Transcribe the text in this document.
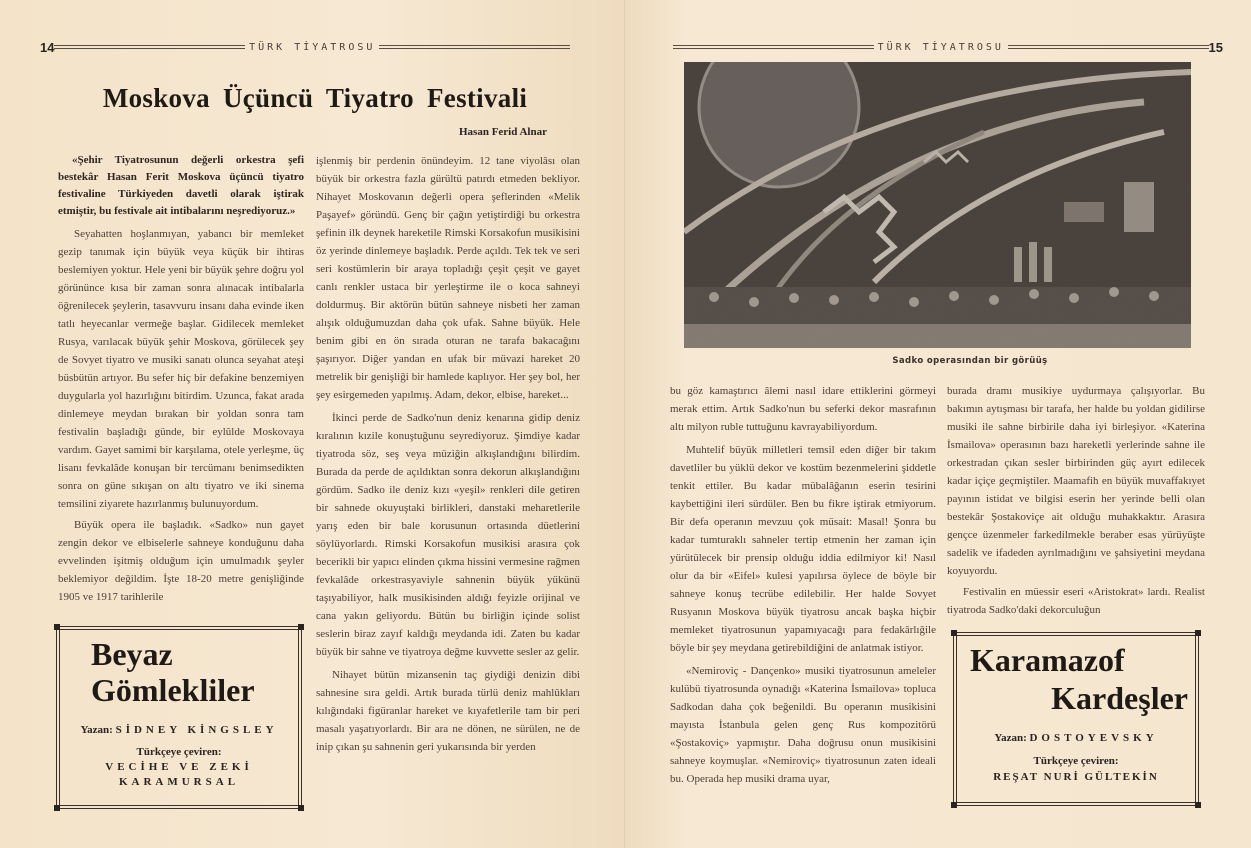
14	TÜRK TİYATROSU
Moskova Üçüncü Tiyatro Festivali
Hasan Ferid Alnar

«Şehir Tiyatrosunun değerli orkestra şefi bestekâr Hasan Ferit Moskova üçüncü tiyatro festivaline Türkiyeden davetli olarak iştirak etmiştir, bu festivale ait intibalarını neşrediyoruz.»

Seyahatten hoşlanmıyan, yabancı bir memleket gezip tanımak için büyük veya küçük bir ihtiras beslemiyen yoktur. Hele yeni bir büyük şehre doğru yol görününce kısa bir zaman sonra alınacak intibalarla öğrenilecek şeylerin, tasavvuru insanı daha evinde iken tatlı heyecanlar vermeğe başlar. Gidilecek memleket Rusya, varılacak büyük şehir Moskova, görülecek şey de Sovyet tiyatro ve musiki sanatı olunca seyahat ateşi büsbütün artıyor. Bu sefer hiç bir defakine benzemiyen duygularla yol hazırlığını bitirdim. Uzunca, fakat arada dinlemeye meydan bırakan bir yoldan sonra tam festivalin başladığı günde, bir eylûlde Moskovaya vardım. Gayet samimi bir karşılama, otele yerleşme, üç lisanı fevkalâde konuşan bir tercümanı benimsedikten sonra on güne sıkışan on altı tiyatro ve iki sinema temsilini ziyarete hazırlanmış bulunuyordum.

Büyük opera ile başladık. «Sadko» nun gayet zengin dekor ve elbiselerle sahneye konduğunu daha evvelinden işitmiş olduğum için umulmadık şeyler beklemiyor değildim. İşte 18-20 metre genişliğinde 1905 ve 1917 tarihlerile

Beyaz
Gömlekliler
Yazan: SİDNEY KİNGSLEY
Türkçeye çeviren:
VECİHE VE ZEKİ
KARAMURSAL

işlenmiş bir perdenin önündeyim. 12 tane viyolâsı olan büyük bir orkestra fazla gürültü patırdı etmeden bekliyor. Nihayet Moskovanın değerli opera şeflerinden «Melik Paşayef» göründü. Genç bir çağın yetiştirdiği bu orkestra şefinin ilk deynek hareketile Rimski Korsakofun musikisini öz yerinde dinlemeye başladık. Perde açıldı. Tek tek ve seri seri kostümlerin bir araya topladığı çeşit çeşit ve gayet canlı renkler ustaca bir yerleştirme ile o koca sahneyi doldurmuş. Bir aktörün bütün sahneye nisbeti her zaman alışık olduğumuzdan daha çok ufak. Sahne büyük. Hele benim gibi en ön sırada oturan ne tarafa bakacağını şaşırıyor. Diğer yandan en ufak bir müvazi hareket 20 metrelik bir genişliği bir hamlede kaplıyor. Her şey bol, her şey esirgemeden yapılmış. Adam, dekor, elbise, hareket...

İkinci perde de Sadko'nun deniz kenarına gidip deniz kıralının kızile konuştuğunu seyrediyoruz. Şimdiye kadar tiyatroda söz, seş veya müziğin alkışlandığını bilirdim. Burada da perde de açıldıktan sonra dekorun alkışlandığını gördüm. Sadko ile deniz kızı «yeşil» renkleri dile getiren bir sahnede okuyuştaki birlikleri, danstaki meharetlerile yarış eden bir bale korusunun ortasında düetlerini söylüyorlardı. Rimski Korsakofun musikisi arasıra çok becerikli bir yapıcı elinden çıkma hissini vermesine rağmen fevkalâde orkestrasyaviyle sahnenin büyük yükünü taşıyabiliyor, halk musikisinden aldığı feyizle orijinal ve cana yakın geliyordu. Bütün bu birliğin içinde solist seslerin biraz zayıf kaldığı meydanda idi. Zaten bu kadar büyük bir sahne ve tiyatroya değme kuvvette sesler az gelir.

Nihayet bütün mizansenin taç giydiği denizin dibi sahnesine sıra geldi. Artık burada türlü deniz mahlûkları kılığındaki figüranlar hareket ve kıyafetlerile tam bir peri masalı yaşatıyorlardı. Bir ara ne dönen, ne sürülen, ne de inip çıkan şu sahnenin geri yukarısında bir yerden

TÜRK TİYATROSU	15
Sadko operasından bir görüüş

bu göz kamaştırıcı âlemi nasıl idare ettiklerini görmeyi merak ettim. Artık Sadko'nun bu seferki dekor masrafının altı milyon ruble tuttuğunu kavrayabiliyordum.

Muhtelif büyük milletleri temsil eden diğer bir takım davetliler bu yüklü dekor ve kostüm bezenmelerini şiddetle tenkit ettiler. Bu kadar mübalâğanın eserin tesirini kaybettiğini ileri sürdüler. Ben bu fikre iştirak etmiyorum. Bir defa operanın mevzuu çok müsait: Masal! Şonra bu kadar tumturaklı sahneler tertip etmenin her zaman için yürütülecek bir prensip olduğu iddia edilmiyor ki! Nasıl olur da bir «Eifel» kulesi yapılırsa öylece de böyle bir sahneye konuş tecrübe edilebilir. Her halde Sovyet Rusyanın Moskova büyük tiyatrosu ancak başka hiçbir memleket tiyatrosunun yapamıyacağı para fedakârlığile böyle bir şey meydana getirebildiğini de anlatmak istiyor.

«Nemiroviç - Dançenko» musiki tiyatrosunun ameleler kulübü tiyatrosunda oynadığı «Katerina İsmailova» topluca Sadkodan daha çok beğenildi. Bu operanın musikisini mayısta İstanbula gelen genç Rus kompozitörü «Şostakoviç» yapmıştır. Daha doğrusu onun musikisini sahneye koymuşlar. «Nemiroviç» tiyatrosunun zaten ideali bu. Operada hep musiki drama uyar,

burada dramı musikiye uydurmaya çalışıyorlar. Bu bakımın aytışması bir tarafa, her halde bu yoldan gidilirse musiki ile sahne birbirile daha iyi birleşiyor. «Katerina İsmailova» operasının bazı hareketli yerlerinde sahne ile orkestradan çıkan sesler birbirinden güç ayırt edilecek kadar içiçe geçmiştiler. Maamafih en büyük muvaffakıyet payının istidat ve bilgisi eserin her yerinde belli olan bestekâr Şostakoviçe ait olduğu muhakkaktır. Arasıra gençce üzenmeler farkedilmekle beraber esas yürüyüşte sadelik ve ifadeden ayrılmadığını ve şahsiyetini meydana koyuyordu.

Festivalin en müessir eseri «Aristokrat» lardı. Realist tiyatroda Sadko'daki dekorculuğun

Karamazof
Kardeşler
Yazan: DOSTOYEVSKY
Türkçeye çeviren:
REŞAT NURİ GÜLTEKİN
